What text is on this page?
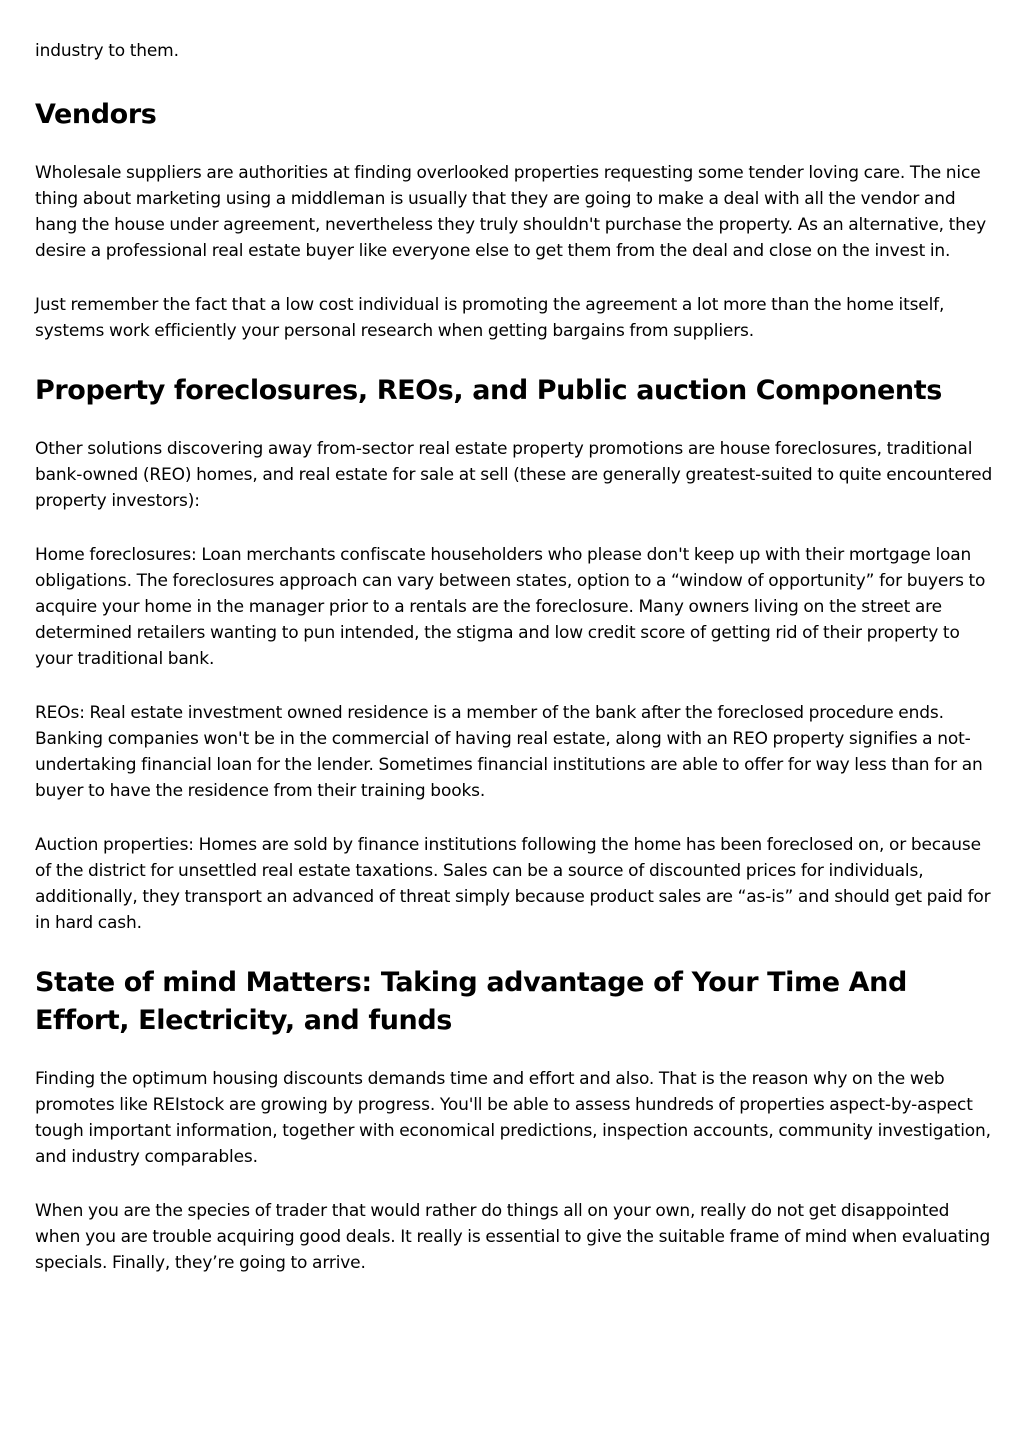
industry to them.

Vendors

Wholesale suppliers are authorities at finding overlooked properties requesting some tender loving care. The nice thing about marketing using a middleman is usually that they are going to make a deal with all the vendor and hang the house under agreement, nevertheless they truly shouldn't purchase the property. As an alternative, they desire a professional real estate buyer like everyone else to get them from the deal and close on the invest in.

Just remember the fact that a low cost individual is promoting the agreement a lot more than the home itself, systems work efficiently your personal research when getting bargains from suppliers.

Property foreclosures, REOs, and Public auction Components

Other solutions discovering away from-sector real estate property promotions are house foreclosures, traditional bank-owned (REO) homes, and real estate for sale at sell (these are generally greatest-suited to quite encountered property investors):

Home foreclosures: Loan merchants confiscate householders who please don't keep up with their mortgage loan obligations. The foreclosures approach can vary between states, option to a “window of opportunity” for buyers to acquire your home in the manager prior to a rentals are the foreclosure. Many owners living on the street are determined retailers wanting to pun intended, the stigma and low credit score of getting rid of their property to your traditional bank.

REOs: Real estate investment owned residence is a member of the bank after the foreclosed procedure ends. Banking companies won't be in the commercial of having real estate, along with an REO property signifies a not-undertaking financial loan for the lender. Sometimes financial institutions are able to offer for way less than for an buyer to have the residence from their training books.

Auction properties: Homes are sold by finance institutions following the home has been foreclosed on, or because of the district for unsettled real estate taxations. Sales can be a source of discounted prices for individuals, additionally, they transport an advanced of threat simply because product sales are “as-is” and should get paid for in hard cash.

State of mind Matters: Taking advantage of Your Time And Effort, Electricity, and funds

Finding the optimum housing discounts demands time and effort and also. That is the reason why on the web promotes like REIstock are growing by progress. You'll be able to assess hundreds of properties aspect-by-aspect tough important information, together with economical predictions, inspection accounts, community investigation, and industry comparables.

When you are the species of trader that would rather do things all on your own, really do not get disappointed when you are trouble acquiring good deals. It really is essential to give the suitable frame of mind when evaluating specials. Finally, they’re going to arrive.
